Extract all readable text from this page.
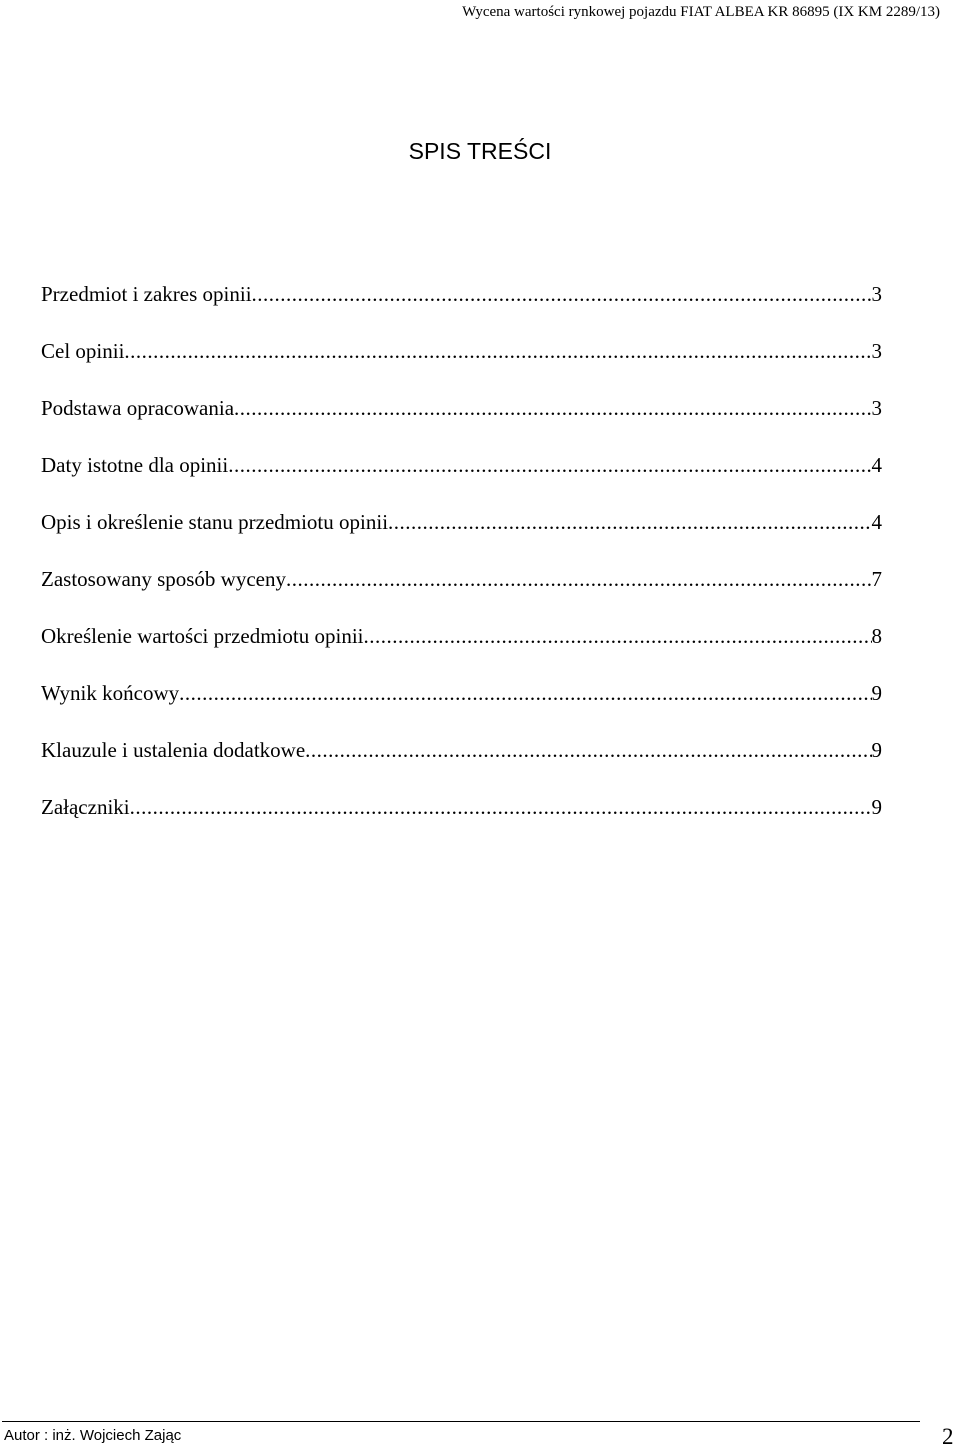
Wycena wartości rynkowej pojazdu FIAT ALBEA KR 86895 (IX KM 2289/13)
SPIS TREŚCI
Przedmiot i zakres opinii .....	3
Cel opinii .....	3
Podstawa opracowania .....	3
Daty istotne dla opinii .....	4
Opis i określenie stanu przedmiotu opinii .....	4
Zastosowany sposób wyceny .....	7
Określenie wartości przedmiotu opinii .....	8
Wynik końcowy .....	9
Klauzule i ustalenia dodatkowe .....	9
Załączniki .....	9
Autor : inż. Wojciech Zając	2
